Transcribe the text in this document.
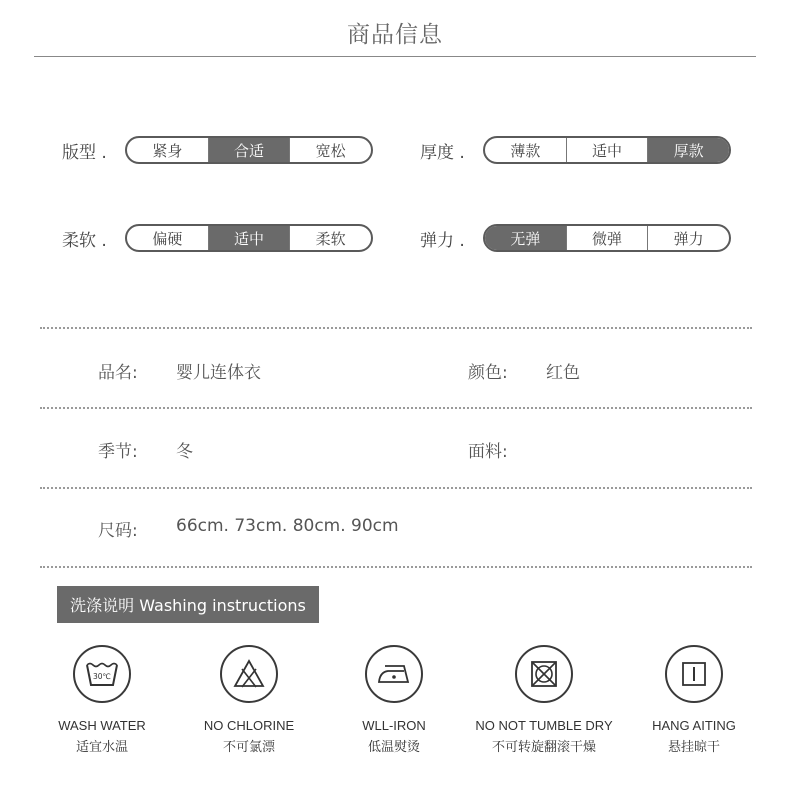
商品信息
版型 .	紧身	合适	宽松	厚度 .	薄款	适中	厚款
柔软 .	偏硬	适中	柔软	弹力 .	无弹	微弹	弹力
品名: 婴儿连体衣	颜色: 红色
季节: 冬	面料:
尺码: 66cm. 73cm. 80cm. 90cm
洗涤说明 Washing instructions
30℃
WASH WATER
适宜水温
NO CHLORINE
不可氯漂
WLL-IRON
低温熨烫
NO NOT TUMBLE DRY
不可转旋翻滚干燥
HANG AITING
悬挂晾干
